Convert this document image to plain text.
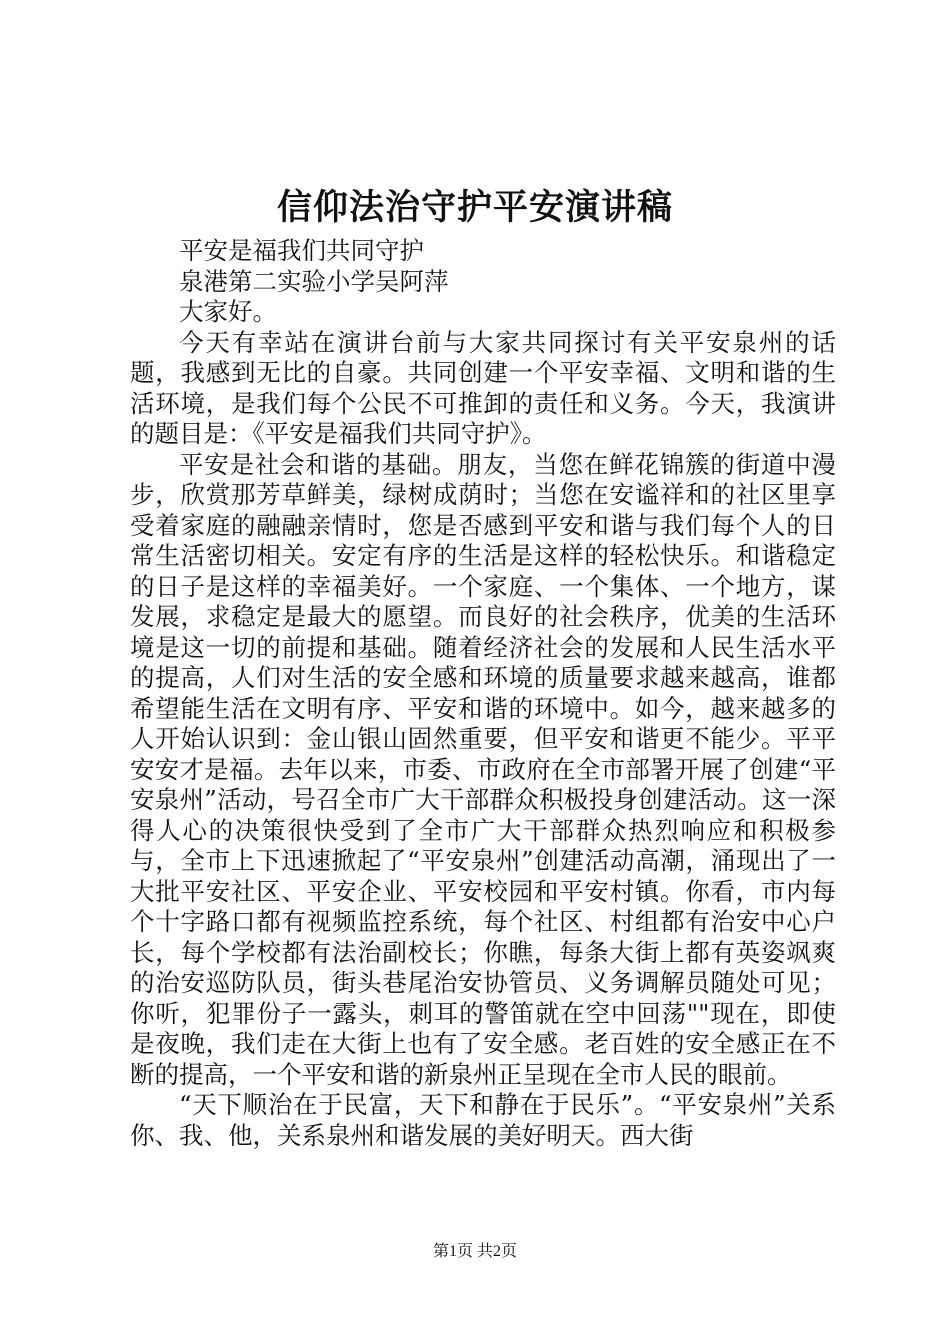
信仰法治守护平安演讲稿

平安是福我们共同守护

泉港第二实验小学吴阿萍

大家好。

今天有幸站在演讲台前与大家共同探讨有关平安泉州的话题，我感到无比的自豪。共同创建一个平安幸福、文明和谐的生活环境，是我们每个公民不可推卸的责任和义务。今天，我演讲的题目是：《平安是福我们共同守护》。

平安是社会和谐的基础。朋友，当您在鲜花锦簇的街道中漫步，欣赏那芳草鲜美，绿树成荫时；当您在安谧祥和的社区里享受着家庭的融融亲情时，您是否感到平安和谐与我们每个人的日常生活密切相关。安定有序的生活是这样的轻松快乐。和谐稳定的日子是这样的幸福美好。一个家庭、一个集体、一个地方，谋发展，求稳定是最大的愿望。而良好的社会秩序，优美的生活环境是这一切的前提和基础。随着经济社会的发展和人民生活水平的提高，人们对生活的安全感和环境的质量要求越来越高，谁都希望能生活在文明有序、平安和谐的环境中。如今，越来越多的人开始认识到：金山银山固然重要，但平安和谐更不能少。平平安安才是福。去年以来，市委、市政府在全市部署开展了创建“平安泉州”活动，号召全市广大干部群众积极投身创建活动。这一深得人心的决策很快受到了全市广大干部群众热烈响应和积极参与，全市上下迅速掀起了“平安泉州”创建活动高潮，涌现出了一大批平安社区、平安企业、平安校园和平安村镇。你看，市内每个十字路口都有视频监控系统，每个社区、村组都有治安中心户长，每个学校都有法治副校长；你瞧，每条大街上都有英姿飒爽的治安巡防队员，街头巷尾治安协管员、义务调解员随处可见；你听，犯罪份子一露头，刺耳的警笛就在空中回荡""现在，即使是夜晚，我们走在大街上也有了安全感。老百姓的安全感正在不断的提高，一个平安和谐的新泉州正呈现在全市人民的眼前。

“天下顺治在于民富，天下和静在于民乐”。“平安泉州”关系你、我、他，关系泉州和谐发展的美好明天。西大街

第1页 共2页
